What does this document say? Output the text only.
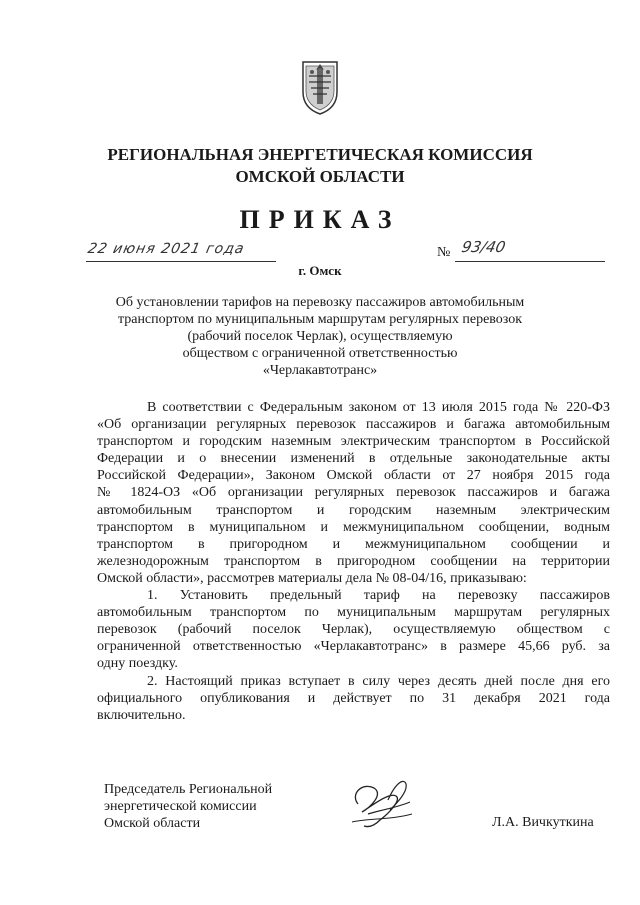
РЕГИОНАЛЬНАЯ ЭНЕРГЕТИЧЕСКАЯ КОМИССИЯ
ОМСКОЙ ОБЛАСТИ
ПРИКАЗ
22 июня 2021 года	№ 93/40
г. Омск
Об установлении тарифов на перевозку пассажиров автомобильным
транспортом по муниципальным маршрутам регулярных перевозок
(рабочий поселок Черлак), осуществляемую
обществом с ограниченной ответственностью
«Черлакавтотранс»
В соответствии с Федеральным законом от 13 июля 2015 года № 220-ФЗ
«Об организации регулярных перевозок пассажиров и багажа автомобильным
транспортом и городским наземным электрическим транспортом в Российской
Федерации и о внесении изменений в отдельные законодательные акты
Российской Федерации», Законом Омской области от 27 ноября 2015 года
№ 1824-ОЗ «Об организации регулярных перевозок пассажиров и багажа
автомобильным транспортом и городским наземным электрическим
транспортом в муниципальном и межмуниципальном сообщении, водным
транспортом в пригородном и межмуниципальном сообщении и
железнодорожным транспортом в пригородном сообщении на территории
Омской области», рассмотрев материалы дела № 08-04/16, приказываю:
1. Установить предельный тариф на перевозку пассажиров
автомобильным транспортом по муниципальным маршрутам регулярных
перевозок (рабочий поселок Черлак), осуществляемую обществом с
ограниченной ответственностью «Черлакавтотранс» в размере 45,66 руб. за
одну поездку.
2. Настоящий приказ вступает в силу через десять дней после дня его
официального опубликования и действует по 31 декабря 2021 года
включительно.
Председатель Региональной
энергетической комиссии
Омской области	Л.А. Вичкуткина
